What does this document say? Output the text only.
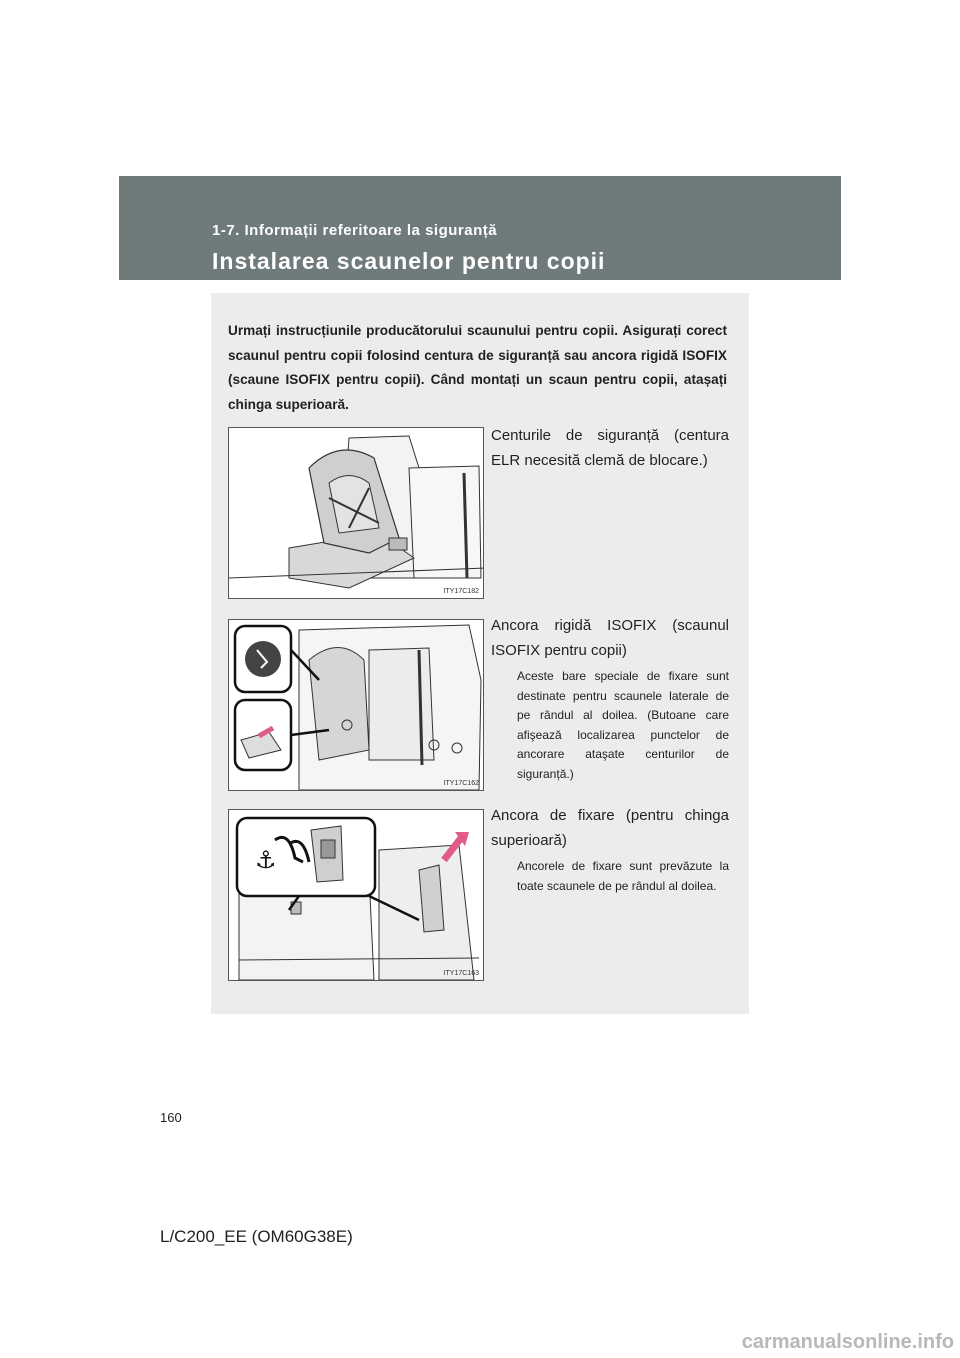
1-7. Informații referitoare la siguranță
Instalarea scaunelor pentru copii
Urmați instrucțiunile producătorului scaunului pentru copii. Asigurați corect scaunul pentru copii folosind centura de siguranță sau ancora rigidă ISOFIX (scaune ISOFIX pentru copii). Când montați un scaun pentru copii, atașați chinga superioară.
ITY17C182
Centurile de siguranță (centura ELR necesită clemă de blocare.)
ITY17C162
Ancora rigidă ISOFIX (scaunul ISOFIX pentru copii)
Aceste bare speciale de fixare sunt destinate pentru scaunele laterale de pe rândul al doilea. (Butoane care afişează localizarea punctelor de ancorare ataşate centurilor de siguranță.)
⚓
ITY17C163
Ancora de fixare (pentru chinga superioară)
Ancorele de fixare sunt prevăzute la toate scaunele de pe rândul al doilea.
160
L/C200_EE (OM60G38E)
carmanualsonline.info
